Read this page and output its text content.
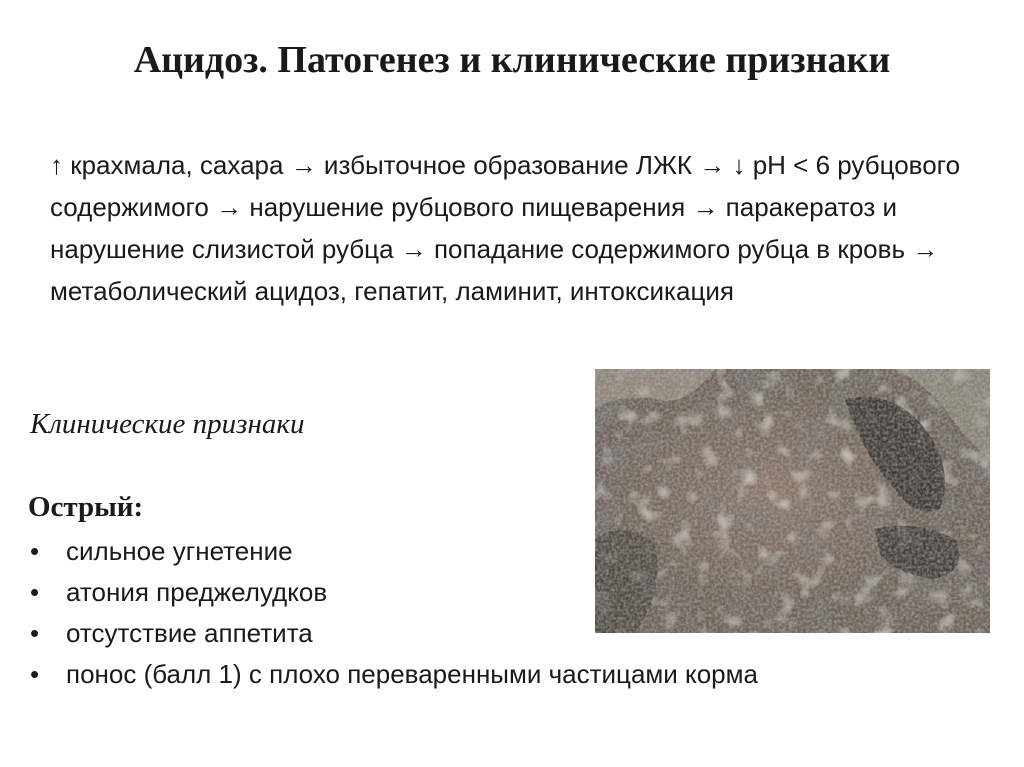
Ацидоз. Патогенез и клинические признаки
↑ крахмала, сахара → избыточное образование ЛЖК → ↓ рН < 6 рубцового содержимого → нарушение рубцового пищеварения → паракератоз и нарушение слизистой рубца → попадание содержимого рубца в кровь → метаболический ацидоз, гепатит, ламинит, интоксикация
Клинические признаки
Острый:
• сильное угнетение
• атония преджелудков
• отсутствие аппетита
• понос (балл 1) с плохо переваренными частицами корма
